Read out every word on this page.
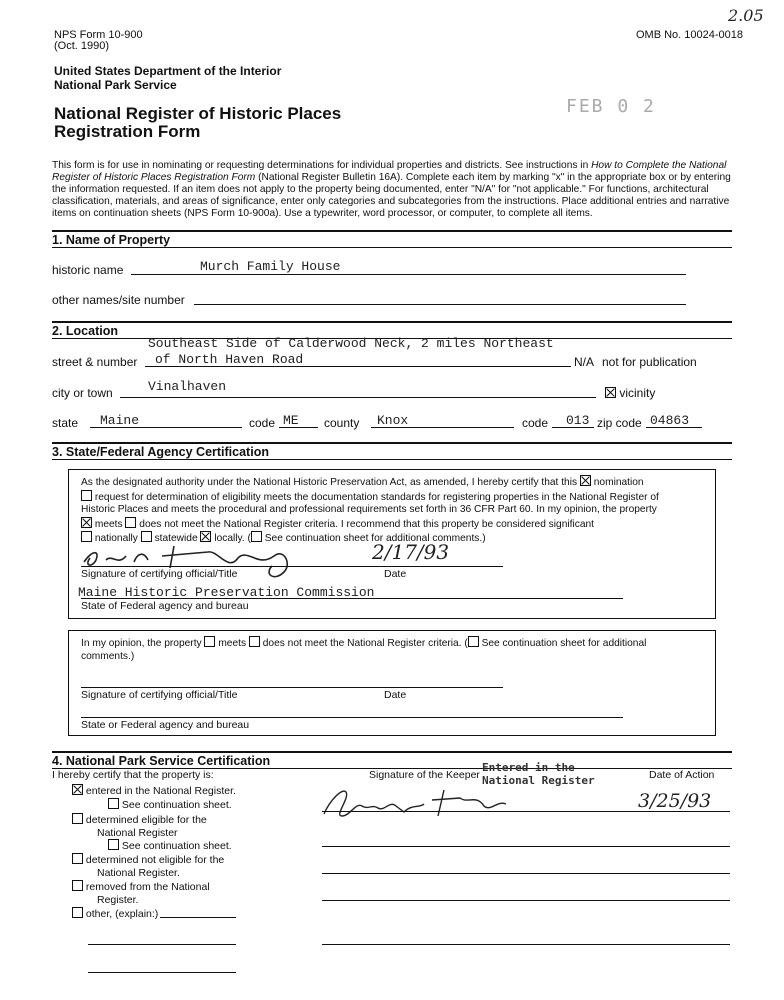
NPS Form 10-900
(Oct. 1990)
OMB No. 10024-0018
2.05
United States Department of the Interior
National Park Service
National Register of Historic Places
Registration Form
FEB 0 2
This form is for use in nominating or requesting determinations for individual properties and districts. See instructions in How to Complete the National Register of Historic Places Registration Form (National Register Bulletin 16A). Complete each item by marking "x" in the appropriate box or by entering the information requested. If an item does not apply to the property being documented, enter "N/A" for "not applicable." For functions, architectural classification, materials, and areas of significance, enter only categories and subcategories from the instructions. Place additional entries and narrative items on continuation sheets (NPS Form 10-900a). Use a typewriter, word processor, or computer, to complete all items.
1. Name of Property
historic name	Murch Family House
other names/site number
2. Location
Southeast Side of Calderwood Neck, 2 miles Northeast
street & number of North Haven Road	N/A not for publication
city or town	Vinalhaven	vicinity
state Maine	code ME county Knox	code 013 zip code 04863
3. State/Federal Agency Certification
As the designated authority under the National Historic Preservation Act, as amended, I hereby certify that this nomination
request for determination of eligibility meets the documentation standards for registering properties in the National Register of
Historic Places and meets the procedural and professional requirements set forth in 36 CFR Part 60. In my opinion, the property
meets does not meet the National Register criteria. I recommend that this property be considered significant
nationally statewide locally. ( See continuation sheet for additional comments.)
2/17/93
Signature of certifying official/Title	Date
Maine Historic Preservation Commission
State of Federal agency and bureau
In my opinion, the property meets does not meet the National Register criteria. ( See continuation sheet for additional comments.)
Signature of certifying official/Title	Date
State or Federal agency and bureau
4. National Park Service Certification
I hereby certify that the property is:	Signature of the Keeper	Date of Action
Entered in the
National Register
3/25/93
entered in the National Register.
See continuation sheet.
determined eligible for the
National Register
See continuation sheet.
determined not eligible for the
National Register.
removed from the National
Register.
other, (explain:)
